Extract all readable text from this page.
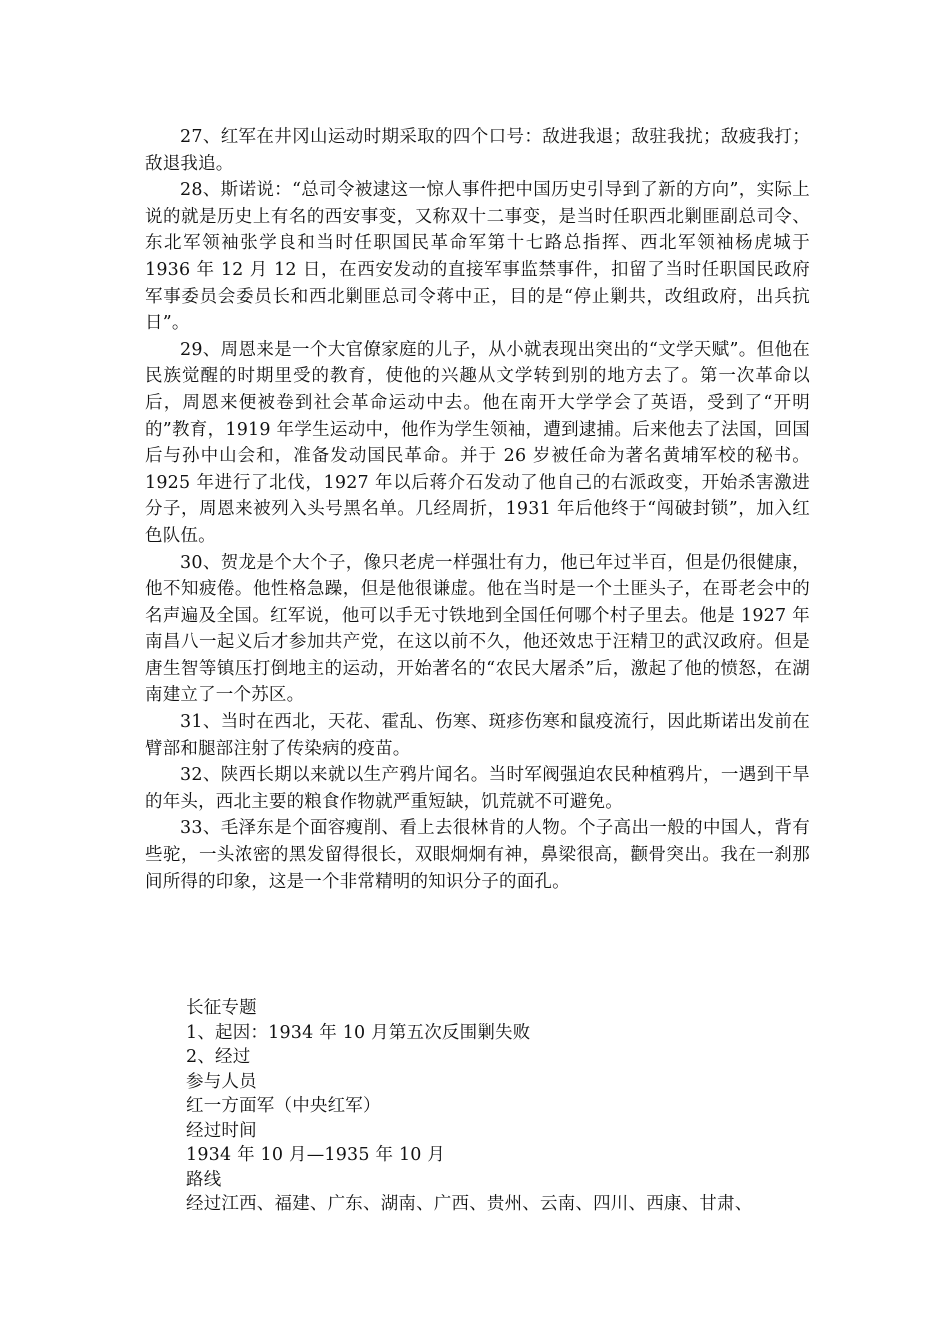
27、红军在井冈山运动时期采取的四个口号：敌进我退；敌驻我扰；敌疲我打；敌退我追。

28、斯诺说：“总司令被逮这一惊人事件把中国历史引导到了新的方向”，实际上说的就是历史上有名的西安事变，又称双十二事变，是当时任职西北剿匪副总司令、东北军领袖张学良和当时任职国民革命军第十七路总指挥、西北军领袖杨虎城于 1936 年 12 月 12 日，在西安发动的直接军事监禁事件，扣留了当时任职国民政府军事委员会委员长和西北剿匪总司令蒋中正，目的是“停止剿共，改组政府，出兵抗日”。

29、周恩来是一个大官僚家庭的儿子，从小就表现出突出的“文学天赋”。但他在民族觉醒的时期里受的教育，使他的兴趣从文学转到别的地方去了。第一次革命以后，周恩来便被卷到社会革命运动中去。他在南开大学学会了英语，受到了“开明的”教育，1919 年学生运动中，他作为学生领袖，遭到逮捕。后来他去了法国，回国后与孙中山会和，准备发动国民革命。并于 26 岁被任命为著名黄埔军校的秘书。1925 年进行了北伐，1927 年以后蒋介石发动了他自己的右派政变，开始杀害激进分子，周恩来被列入头号黑名单。几经周折，1931 年后他终于“闯破封锁”，加入红色队伍。

30、贺龙是个大个子，像只老虎一样强壮有力，他已年过半百，但是仍很健康，他不知疲倦。他性格急躁，但是他很谦虚。他在当时是一个土匪头子，在哥老会中的名声遍及全国。红军说，他可以手无寸铁地到全国任何哪个村子里去。他是 1927 年南昌八一起义后才参加共产党，在这以前不久，他还效忠于汪精卫的武汉政府。但是唐生智等镇压打倒地主的运动，开始著名的“农民大屠杀”后，激起了他的愤怒，在湖南建立了一个苏区。

31、当时在西北，天花、霍乱、伤寒、斑疹伤寒和鼠疫流行，因此斯诺出发前在臂部和腿部注射了传染病的疫苗。

32、陕西长期以来就以生产鸦片闻名。当时军阀强迫农民种植鸦片，一遇到干旱的年头，西北主要的粮食作物就严重短缺，饥荒就不可避免。

33、毛泽东是个面容瘦削、看上去很林肯的人物。个子高出一般的中国人，背有些驼，一头浓密的黑发留得很长，双眼炯炯有神，鼻梁很高，颧骨突出。我在一刹那间所得的印象，这是一个非常精明的知识分子的面孔。

长征专题

1、起因：1934 年 10 月第五次反围剿失败

2、经过

参与人员

红一方面军（中央红军）

经过时间

1934 年 10 月—1935 年 10 月

路线

经过江西、福建、广东、湖南、广西、贵州、云南、四川、西康、甘肃、
